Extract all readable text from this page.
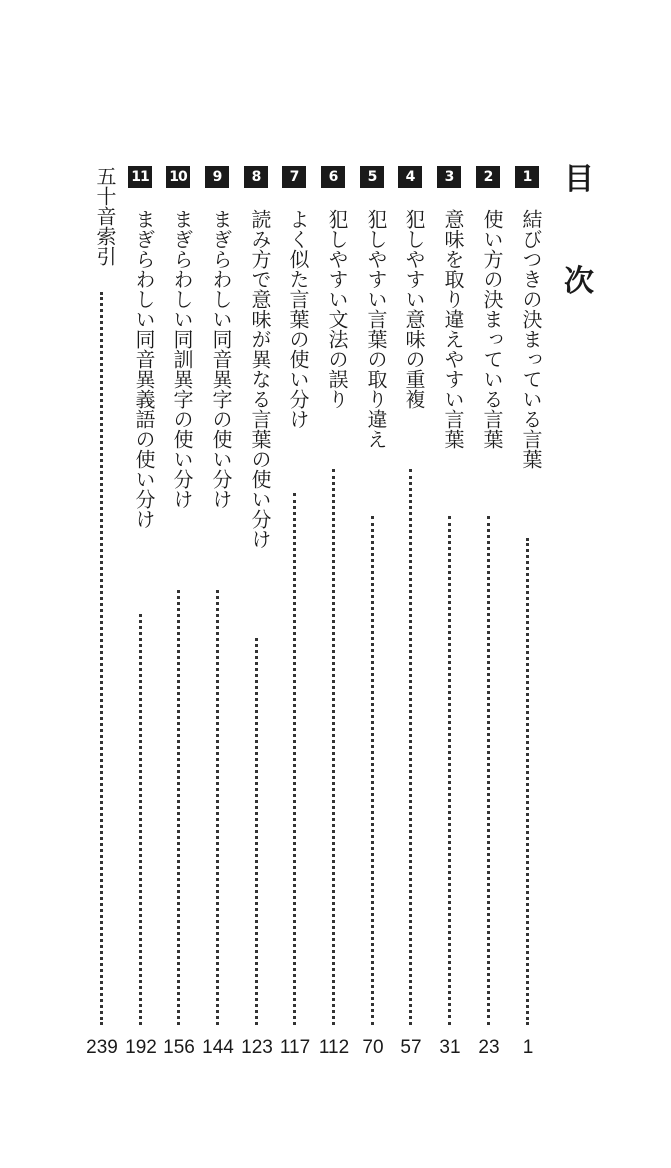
目
次
1
結びつきの決まっている言葉
1
2
使い方の決まっている言葉
23
3
意味を取り違えやすい言葉
31
4
犯しやすい意味の重複
57
5
犯しやすい言葉の取り違え
70
6
犯しやすい文法の誤り
112
7
よく似た言葉の使い分け
117
8
読み方で意味が異なる言葉の使い分け
123
9
まぎらわしい同音異字の使い分け
144
10
まぎらわしい同訓異字の使い分け
156
11
まぎらわしい同音異義語の使い分け
192
五十音索引
239
